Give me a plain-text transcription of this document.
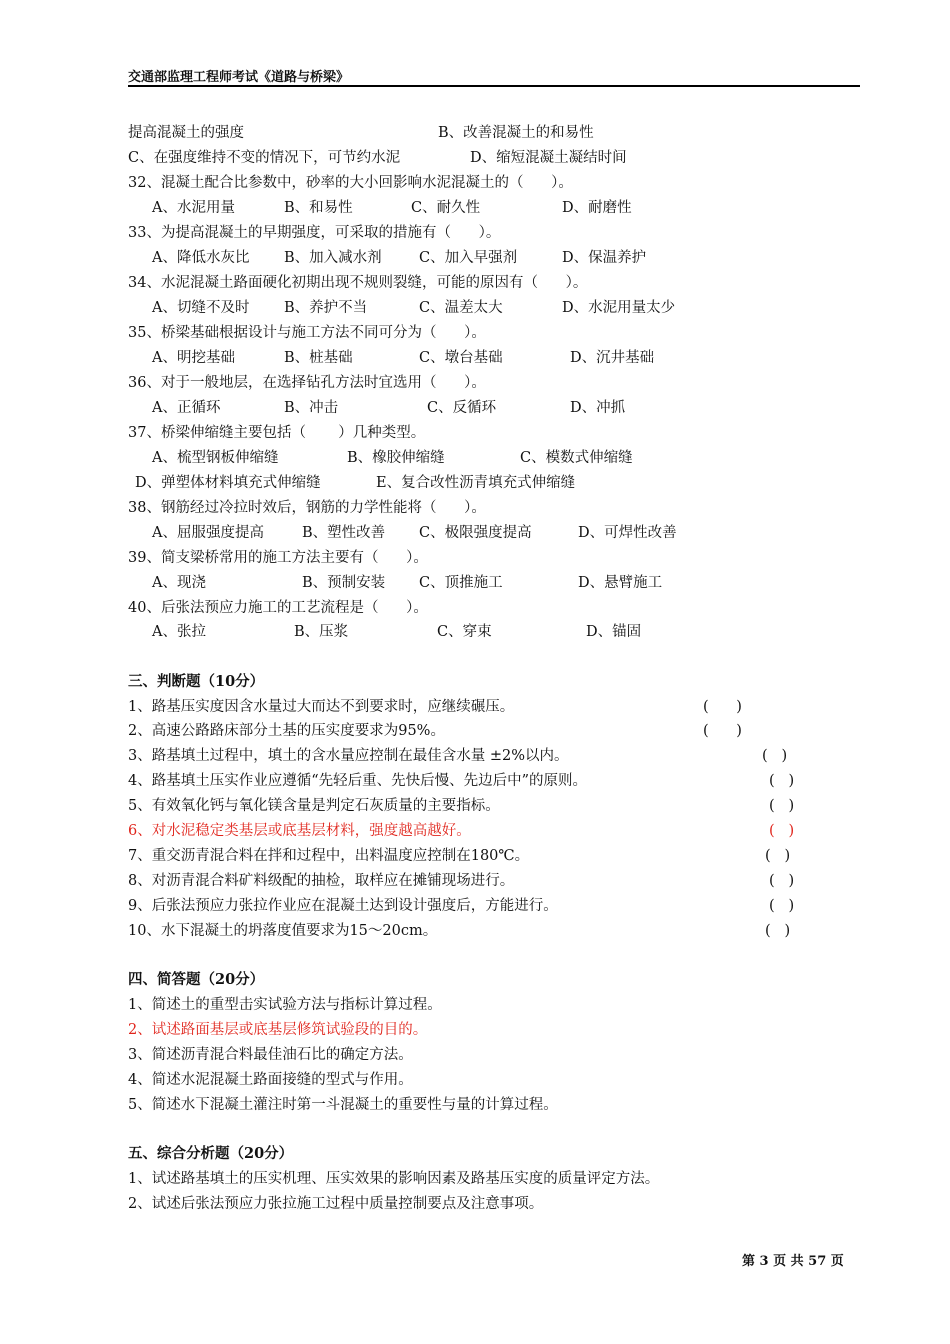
交通部监理工程师考试《道路与桥梁》
提高混凝土的强度	B、改善混凝土的和易性
C、在强度维持不变的情况下，可节约水泥	D、缩短混凝土凝结时间
32、混凝土配合比参数中，砂率的大小回影响水泥混凝土的（      ）。
A、水泥用量	B、和易性	C、耐久性	D、耐磨性
33、为提高混凝土的早期强度，可采取的措施有（      ）。
A、降低水灰比 B、加入减水剂	C、加入早强剂	D、保温养护
34、水泥混凝土路面硬化初期出现不规则裂缝，可能的原因有（      ）。
A、切缝不及时 B、养护不当	C、温差太大	D、水泥用量太少
35、桥梁基础根据设计与施工方法不同可分为（      ）。
A、明挖基础	B、桩基础	C、墩台基础	D、沉井基础
36、对于一般地层，在选择钻孔方法时宜选用（      ）。
A、正循环	B、冲击	C、反循环	D、冲抓
37、桥梁伸缩缝主要包括（       ）几种类型。
A、梳型钢板伸缩缝	B、橡胶伸缩缝	C、模数式伸缩缝
D、弹塑体材料填充式伸缩缝	E、复合改性沥青填充式伸缩缝
38、钢筋经过冷拉时效后，钢筋的力学性能将（      ）。
A、屈服强度提高	B、塑性改善 C、极限强度提高	D、可焊性改善
39、简支梁桥常用的施工方法主要有（      ）。
A、现浇	B、预制安装 C、顶推施工	D、悬臂施工
40、后张法预应力施工的工艺流程是（      ）。
A、张拉	B、压浆	C、穿束	D、锚固
三、判断题（10分）
1、路基压实度因含水量过大而达不到要求时，应继续碾压。	(      )
2、高速公路路床部分土基的压实度要求为95%。	(      )
3、路基填土过程中，填土的含水量应控制在最佳含水量 ±2%以内。	(   )
4、路基填土压实作业应遵循“先轻后重、先快后慢、先边后中”的原则。	(   )
5、有效氧化钙与氧化镁含量是判定石灰质量的主要指标。	(   )
6、对水泥稳定类基层或底基层材料，强度越高越好。	(   )
7、重交沥青混合料在拌和过程中，出料温度应控制在180℃。	(   )
8、对沥青混合料矿料级配的抽检，取样应在摊铺现场进行。	(   )
9、后张法预应力张拉作业应在混凝土达到设计强度后，方能进行。	(   )
10、水下混凝土的坍落度值要求为15～20cm。	(   )
四、简答题（20分）
1、简述土的重型击实试验方法与指标计算过程。
2、试述路面基层或底基层修筑试验段的目的。
3、简述沥青混合料最佳油石比的确定方法。
4、简述水泥混凝土路面接缝的型式与作用。
5、简述水下混凝土灌注时第一斗混凝土的重要性与量的计算过程。
五、综合分析题（20分）
1、试述路基填土的压实机理、压实效果的影响因素及路基压实度的质量评定方法。
2、试述后张法预应力张拉施工过程中质量控制要点及注意事项。
第 3 页 共 57 页
